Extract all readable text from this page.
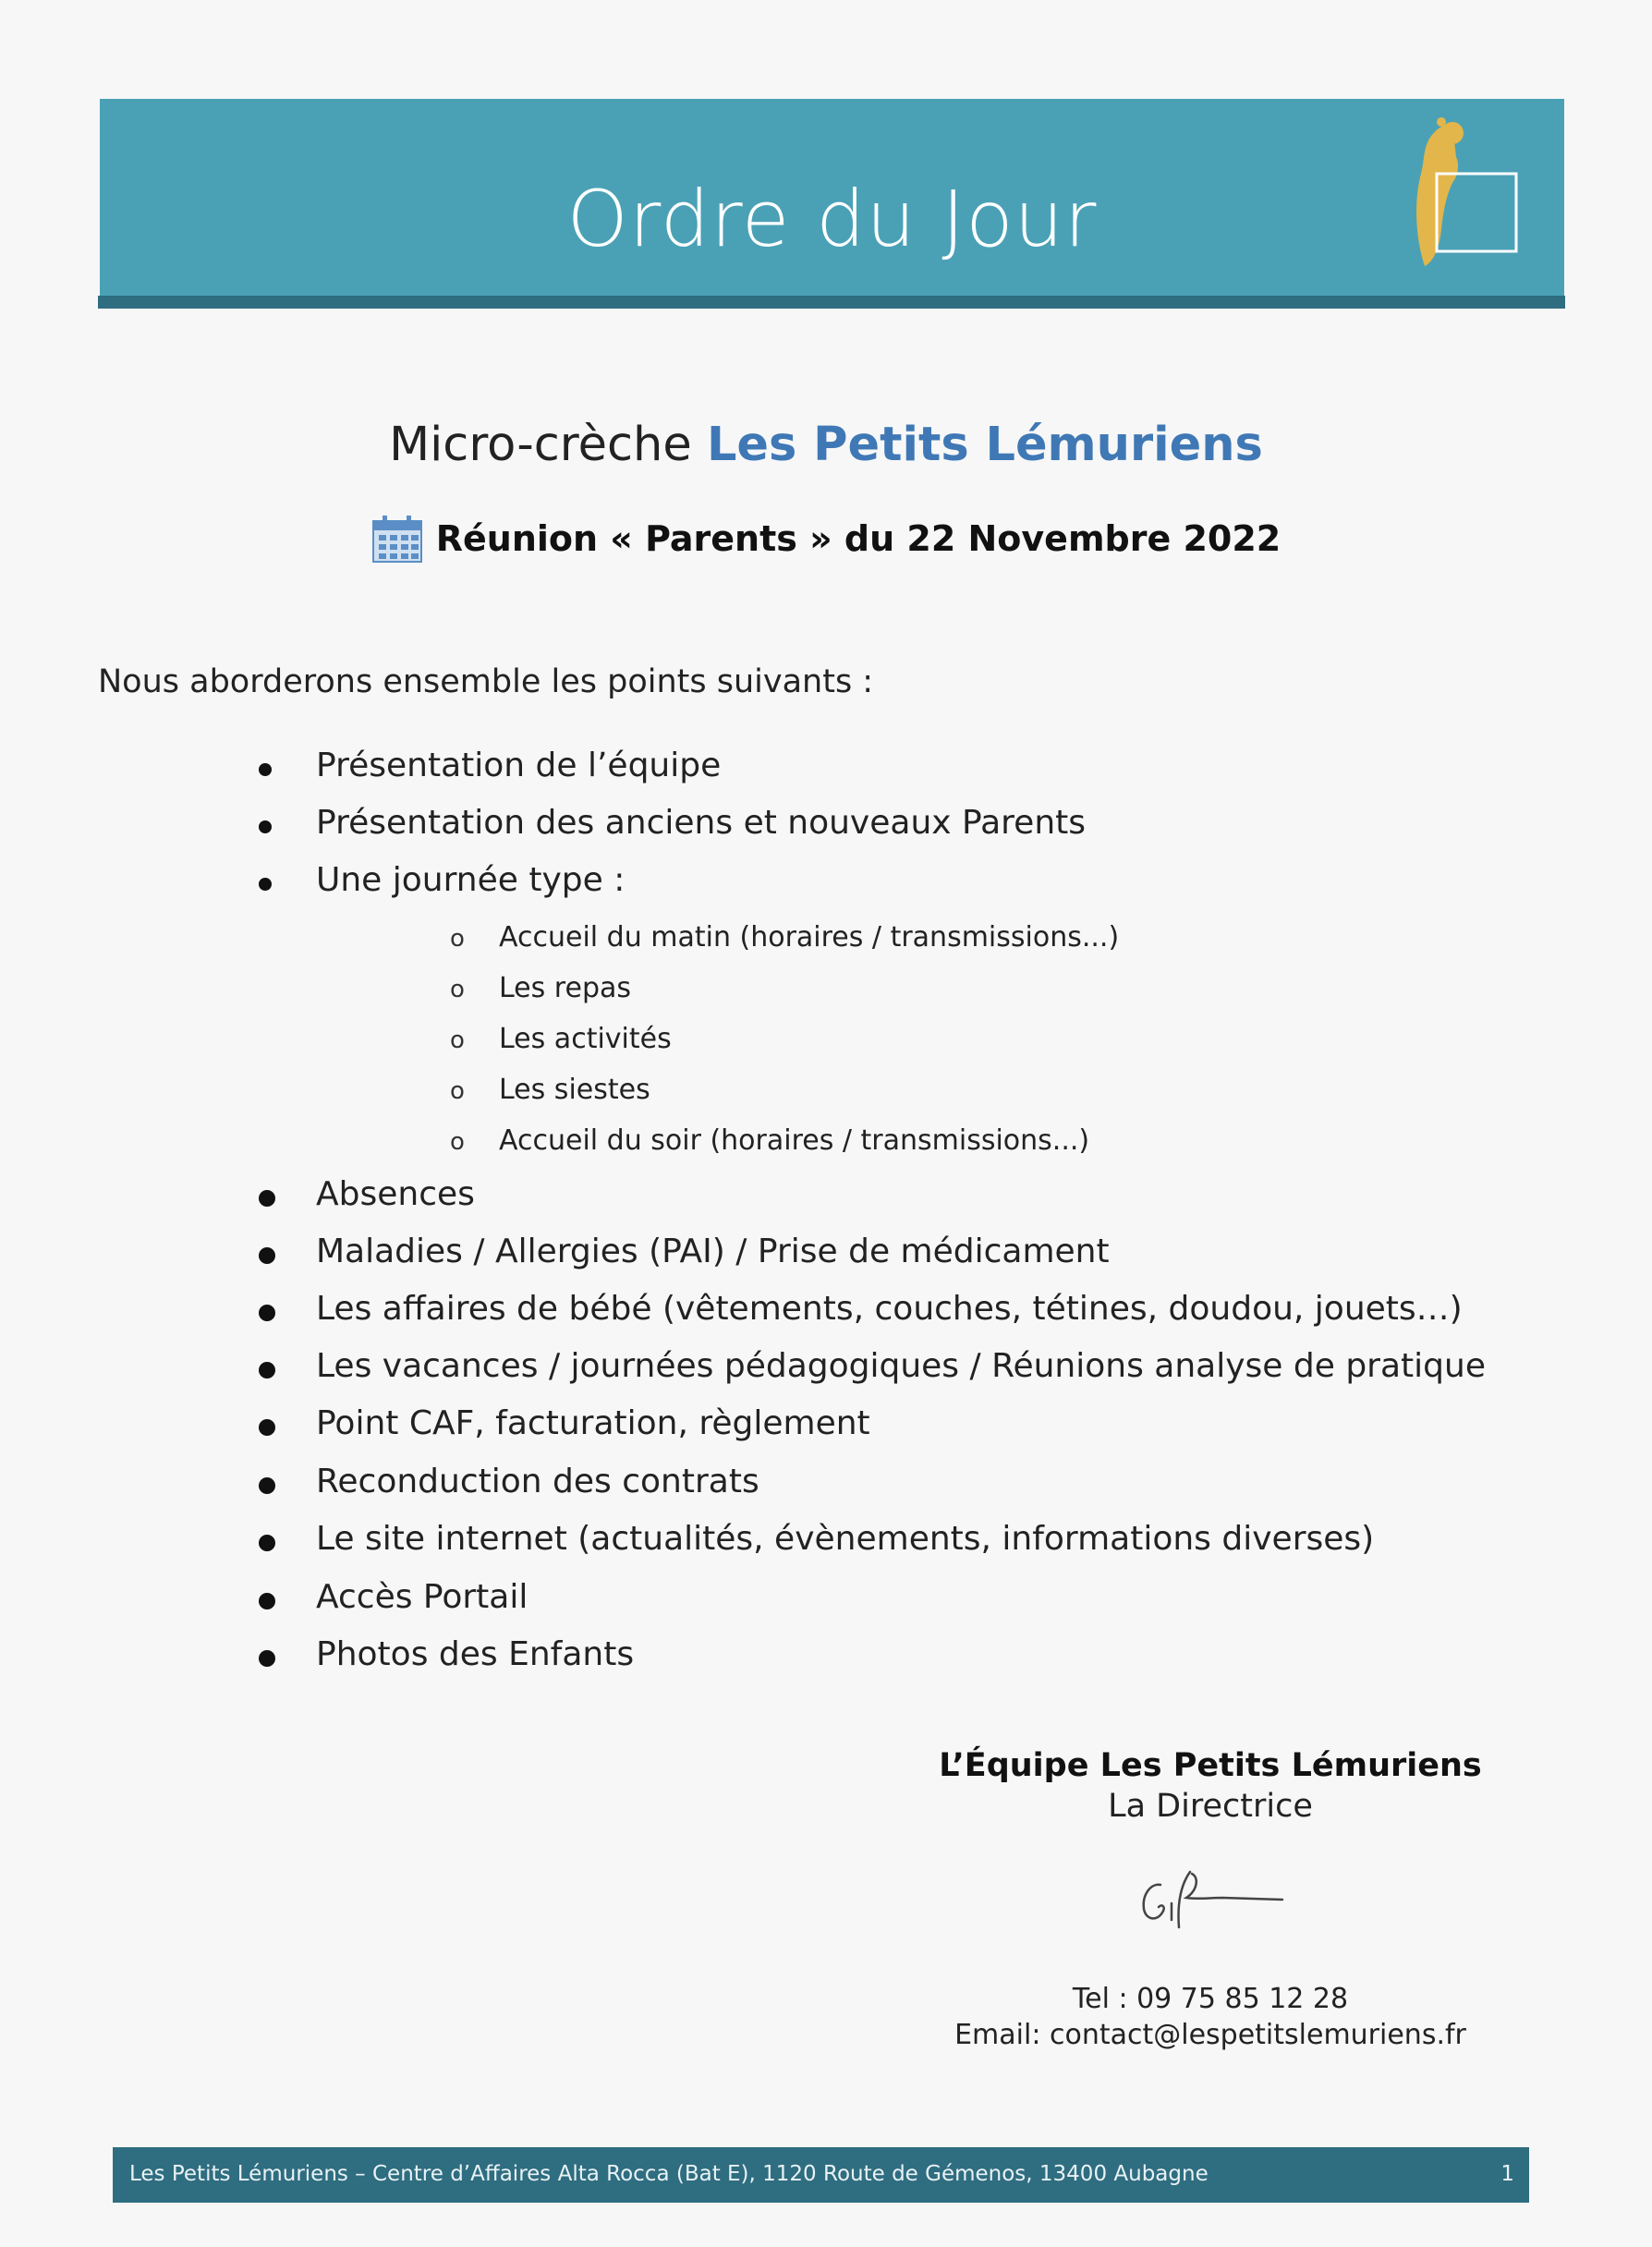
Ordre du Jour
Micro-crèche Les Petits Lémuriens
Réunion « Parents » du 22 Novembre 2022
Nous aborderons ensemble les points suivants :
Présentation de l’équipe
Présentation des anciens et nouveaux Parents
Une journée type :
o Accueil du matin (horaires / transmissions...)
o Les repas
o Les activités
o Les siestes
o Accueil du soir (horaires / transmissions...)
Absences
Maladies / Allergies (PAI) / Prise de médicament
Les affaires de bébé (vêtements, couches, tétines, doudou, jouets…)
Les vacances / journées pédagogiques / Réunions analyse de pratique
Point CAF, facturation, règlement
Reconduction des contrats
Le site internet (actualités, évènements, informations diverses)
Accès Portail
Photos des Enfants
L’Équipe Les Petits Lémuriens
La Directrice
Tel : 09 75 85 12 28
Email: contact@lespetitslemuriens.fr
Les Petits Lémuriens – Centre d’Affaires Alta Rocca (Bat E), 1120 Route de Gémenos, 13400 Aubagne	1
